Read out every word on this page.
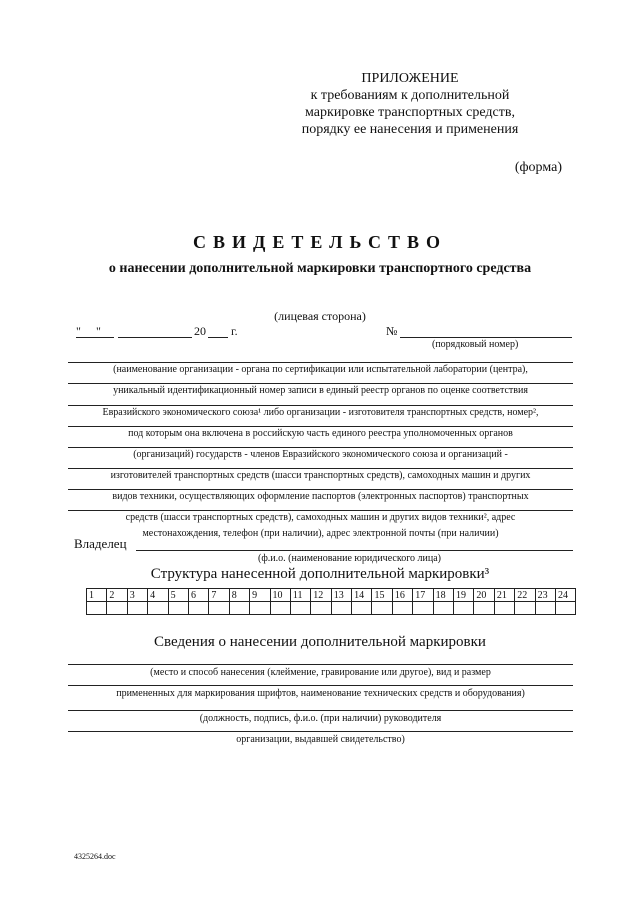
ПРИЛОЖЕНИЕ
к требованиям к дополнительной
маркировке транспортных средств,
порядку ее нанесения и применения
(форма)
СВИДЕТЕЛЬСТВО
о нанесении дополнительной маркировки транспортного средства
(лицевая сторона)
" "	20 г.	№
(порядковый номер)
(наименование организации - органа по сертификации или испытательной лаборатории (центра),
уникальный идентификационный номер записи в единый реестр органов по оценке соответствия
Евразийского экономического союза¹ либо организации - изготовителя транспортных средств, номер²,
под которым она включена в российскую часть единого реестра уполномоченных органов
(организаций) государств - членов Евразийского экономического союза и организаций -
изготовителей транспортных средств (шасси транспортных средств), самоходных машин и других
видов техники, осуществляющих оформление паспортов (электронных паспортов) транспортных
средств (шасси транспортных средств), самоходных машин и других видов техники², адрес
местонахождения, телефон (при наличии), адрес электронной почты (при наличии)
Владелец
(ф.и.о. (наименование юридического лица)
Структура нанесенной дополнительной маркировки³
1	2	3	4	5	6	7	8	9	10	11	12	13	14	15	16	17	18	19	20	21	22	23	24

Сведения о нанесении дополнительной маркировки
(место и способ нанесения (клеймение, гравирование или другое), вид и размер
примененных для маркирования шрифтов, наименование технических средств и оборудования)
(должность, подпись, ф.и.о. (при наличии) руководителя
организации, выдавшей свидетельство)
4325264.doc
